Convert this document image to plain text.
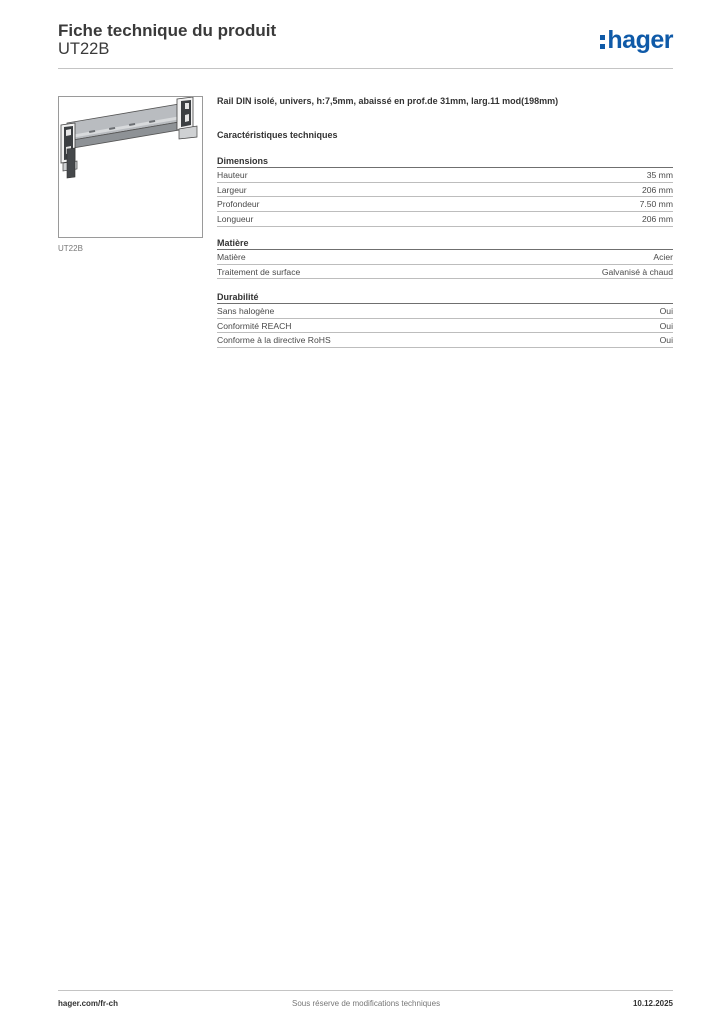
Fiche technique du produit
UT22B	hager
UT22B
Rail DIN isolé, univers, h:7,5mm, abaissé en prof.de 31mm, larg.11 mod(198mm)
Caractéristiques techniques
Dimensions
Hauteur	35 mm
Largeur	206 mm
Profondeur	7.50 mm
Longueur	206 mm
Matière
Matière	Acier
Traitement de surface	Galvanisé à chaud
Durabilité
Sans halogène	Oui
Conformité REACH	Oui
Conforme à la directive RoHS	Oui
hager.com/fr-ch	Sous réserve de modifications techniques	10.12.2025
